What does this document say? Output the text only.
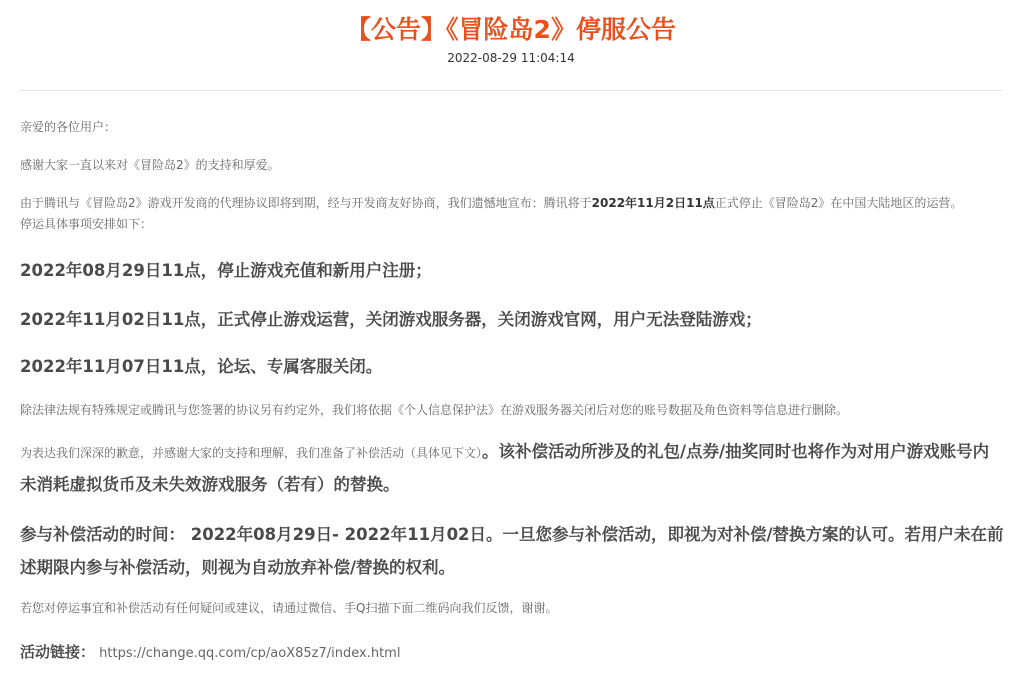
【公告】《冒险岛2》停服公告
2022-08-29 11:04:14
亲爱的各位用户：
感谢大家一直以来对《冒险岛2》的支持和厚爱。
由于腾讯与《冒险岛2》游戏开发商的代理协议即将到期，经与开发商友好协商，我们遗憾地宣布：腾讯将于2022年11月2日11点正式停止《冒险岛2》在中国大陆地区的运营。
停运具体事项安排如下：
2022年08月29日11点，停止游戏充值和新用户注册；
2022年11月02日11点，正式停止游戏运营，关闭游戏服务器，关闭游戏官网，用户无法登陆游戏；
2022年11月07日11点，论坛、专属客服关闭。
除法律法规有特殊规定或腾讯与您签署的协议另有约定外，我们将依据《个人信息保护法》在游戏服务器关闭后对您的账号数据及角色资料等信息进行删除。
为表达我们深深的歉意，并感谢大家的支持和理解，我们准备了补偿活动（具体见下文）。该补偿活动所涉及的礼包/点券/抽奖同时也将作为对用户游戏账号内未消耗虚拟货币及未失效游戏服务（若有）的替换。
参与补偿活动的时间： 2022年08月29日- 2022年11月02日。一旦您参与补偿活动，即视为对补偿/替换方案的认可。若用户未在前述期限内参与补偿活动，则视为自动放弃补偿/替换的权利。
若您对停运事宜和补偿活动有任何疑问或建议，请通过微信、手Q扫描下面二维码向我们反馈，谢谢。
活动链接： https://change.qq.com/cp/aoX85z7/index.html
